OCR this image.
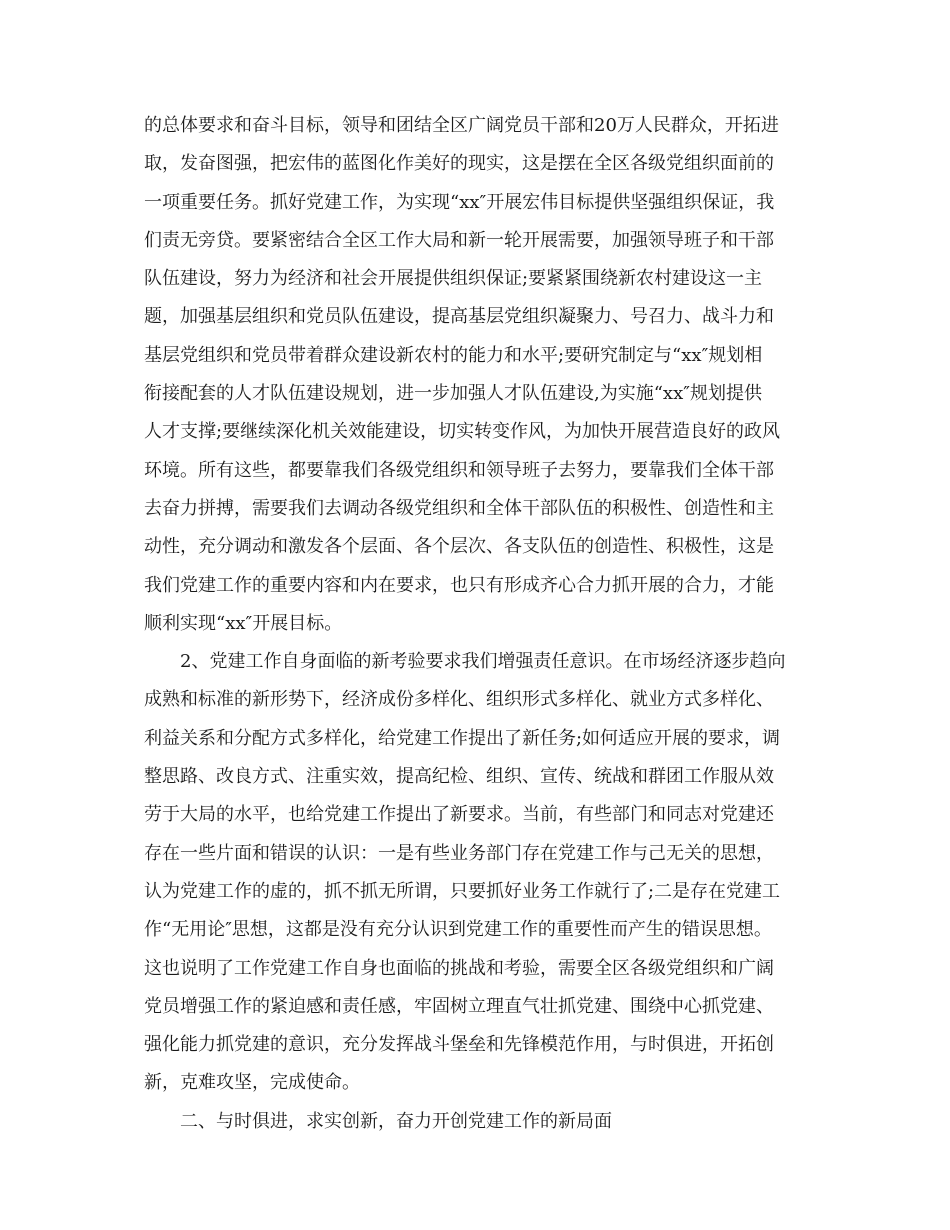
的总体要求和奋斗目标，领导和团结全区广阔党员干部和20万人民群众，开拓进
取，发奋图强，把宏伟的蓝图化作美好的现实，这是摆在全区各级党组织面前的
一项重要任务。抓好党建工作，为实现“xx″开展宏伟目标提供坚强组织保证，我
们责无旁贷。要紧密结合全区工作大局和新一轮开展需要，加强领导班子和干部
队伍建设，努力为经济和社会开展提供组织保证;要紧紧围绕新农村建设这一主
题，加强基层组织和党员队伍建设，提高基层党组织凝聚力、号召力、战斗力和
基层党组织和党员带着群众建设新农村的能力和水平;要研究制定与“xx″规划相
衔接配套的人才队伍建设规划，进一步加强人才队伍建设,为实施“xx″规划提供
人才支撑;要继续深化机关效能建设，切实转变作风，为加快开展营造良好的政风
环境。所有这些，都要靠我们各级党组织和领导班子去努力，要靠我们全体干部
去奋力拼搏，需要我们去调动各级党组织和全体干部队伍的积极性、创造性和主
动性，充分调动和激发各个层面、各个层次、各支队伍的创造性、积极性，这是
我们党建工作的重要内容和内在要求，也只有形成齐心合力抓开展的合力，才能
顺利实现“xx″开展目标。
2、党建工作自身面临的新考验要求我们增强责任意识。在市场经济逐步趋向
成熟和标准的新形势下，经济成份多样化、组织形式多样化、就业方式多样化、
利益关系和分配方式多样化，给党建工作提出了新任务;如何适应开展的要求，调
整思路、改良方式、注重实效，提高纪检、组织、宣传、统战和群团工作服从效
劳于大局的水平，也给党建工作提出了新要求。当前，有些部门和同志对党建还
存在一些片面和错误的认识：一是有些业务部门存在党建工作与己无关的思想，
认为党建工作的虚的，抓不抓无所谓，只要抓好业务工作就行了;二是存在党建工
作“无用论″思想，这都是没有充分认识到党建工作的重要性而产生的错误思想。
这也说明了工作党建工作自身也面临的挑战和考验，需要全区各级党组织和广阔
党员增强工作的紧迫感和责任感，牢固树立理直气壮抓党建、围绕中心抓党建、
强化能力抓党建的意识，充分发挥战斗堡垒和先锋模范作用，与时俱进，开拓创
新，克难攻坚，完成使命。
二、与时俱进，求实创新，奋力开创党建工作的新局面
